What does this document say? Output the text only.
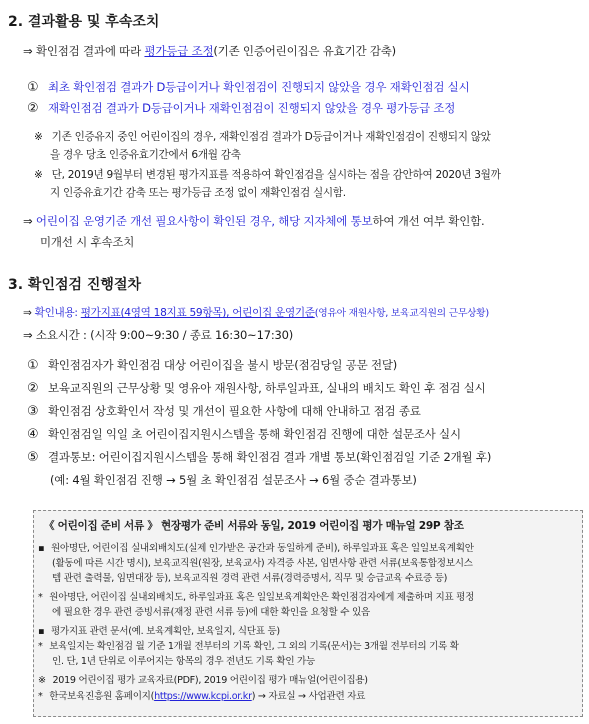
2. 결과활용 및 후속조치
⇒ 확인점검 결과에 따라 평가등급 조정(기존 인증어린이집은 유효기간 감축)
① 최초 확인점검 결과가 D등급이거나 확인점검이 진행되지 않았을 경우 재확인점검 실시
② 재확인점검 결과가 D등급이거나 재확인점검이 진행되지 않았을 경우 평가등급 조정
※ 기존 인증유지 중인 어린이집의 경우, 재확인점검 결과가 D등급이거나 재확인점검이 진행되지 않았
을 경우 당초 인증유효기간에서 6개월 감축
※ 단, 2019년 9월부터 변경된 평가지표를 적용하여 확인점검을 실시하는 점을 감안하여 2020년 3월까
지 인증유효기간 감축 또는 평가등급 조정 없이 재확인점검 실시함.
⇒ 어린이집 운영기준 개선 필요사항이 확인된 경우, 해당 지자체에 통보하여 개선 여부 확인함.
미개선 시 후속조치
3. 확인점검 진행절차
⇒ 확인내용: 평가지표(4영역 18지표 59항목), 어린이집 운영기준(영유아 재원사항, 보육교직원의 근무상황)
⇒ 소요시간 : (시작 9:00~9:30 / 종료 16:30~17:30)
① 확인점검자가 확인점검 대상 어린이집을 불시 방문(점검당일 공문 전달)
② 보육교직원의 근무상황 및 영유아 재원사항, 하루일과표, 실내의 배치도 확인 후 점검 실시
③ 확인점검 상호확인서 작성 및 개선이 필요한 사항에 대해 안내하고 점검 종료
④ 확인점검일 익일 초 어린이집지원시스템을 통해 확인점검 진행에 대한 설문조사 실시
⑤ 결과통보: 어린이집지원시스템을 통해 확인점검 결과 개별 통보(확인점검일 기준 2개월 후)
(예: 4월 확인점검 진행 → 5월 초 확인점검 설문조사 → 6월 중순 결과통보)
《 어린이집 준비 서류 》 현장평가 준비 서류와 동일, 2019 어린이집 평가 매뉴얼 29P 참조
▪ 원아명단, 어린이집 실내외배치도(실제 인가받은 공간과 동일하게 준비), 하루일과표 혹은 일일보육계획안
(활동에 따른 시간 명시), 보육교직원(원장, 보육교사) 자격증 사본, 임면사항 관련 서류(보육통합정보시스
템 관련 출력물, 임면대장 등), 보육교직원 경력 관련 서류(경력증명서, 직무 및 승급교육 수료증 등)
* 원아명단, 어린이집 실내외배치도, 하루일과표 혹은 일일보육계획안은 확인점검자에게 제출하며 지표 평정
에 필요한 경우 관련 증빙서류(재정 관련 서류 등)에 대한 확인을 요청할 수 있음
▪ 평가지표 관련 문서(예. 보육계획안, 보육일지, 식단표 등)
* 보육일지는 확인점검 월 기준 1개월 전부터의 기록 확인, 그 외의 기록(문서)는 3개월 전부터의 기록 확
인. 단, 1년 단위로 이루어지는 항목의 경우 전년도 기록 확인 가능
※ 2019 어린이집 평가 교육자료(PDF), 2019 어린이집 평가 매뉴얼(어린이집용)
* 한국보육진흥원 홈페이지(https://www.kcpi.or.kr) → 자료실 → 사업관련 자료
